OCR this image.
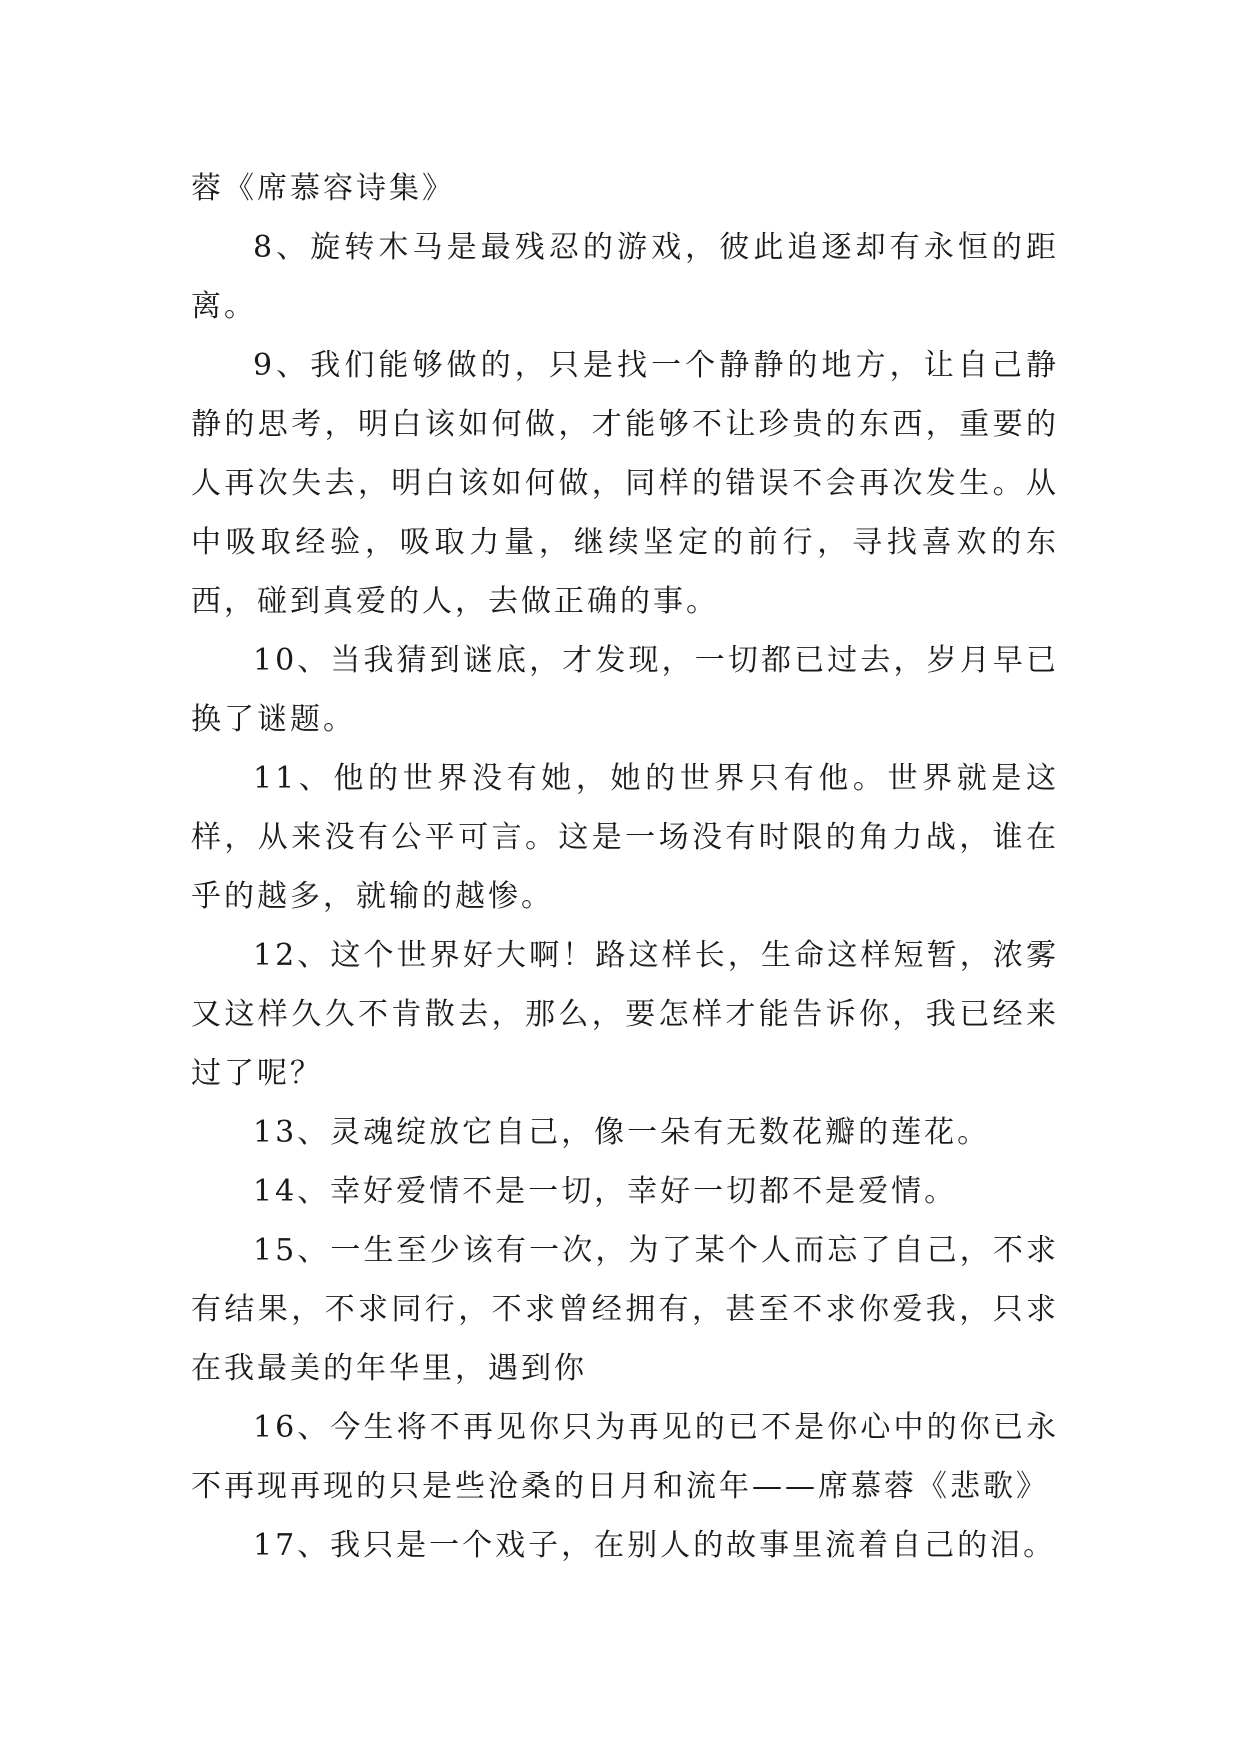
蓉《席慕容诗集》

8、旋转木马是最残忍的游戏，彼此追逐却有永恒的距离。

9、我们能够做的，只是找一个静静的地方，让自己静静的思考，明白该如何做，才能够不让珍贵的东西，重要的人再次失去，明白该如何做，同样的错误不会再次发生。从中吸取经验，吸取力量，继续坚定的前行，寻找喜欢的东西，碰到真爱的人，去做正确的事。

10、当我猜到谜底，才发现，一切都已过去，岁月早已换了谜题。

11、他的世界没有她，她的世界只有他。世界就是这样，从来没有公平可言。这是一场没有时限的角力战，谁在乎的越多，就输的越惨。

12、这个世界好大啊！路这样长，生命这样短暂，浓雾又这样久久不肯散去，那么，要怎样才能告诉你，我已经来过了呢？

13、灵魂绽放它自己，像一朵有无数花瓣的莲花。

14、幸好爱情不是一切，幸好一切都不是爱情。

15、一生至少该有一次，为了某个人而忘了自己，不求有结果，不求同行，不求曾经拥有，甚至不求你爱我，只求在我最美的年华里，遇到你

16、今生将不再见你只为再见的已不是你心中的你已永不再现再现的只是些沧桑的日月和流年——席慕蓉《悲歌》

17、我只是一个戏子，在别人的故事里流着自己的泪。
